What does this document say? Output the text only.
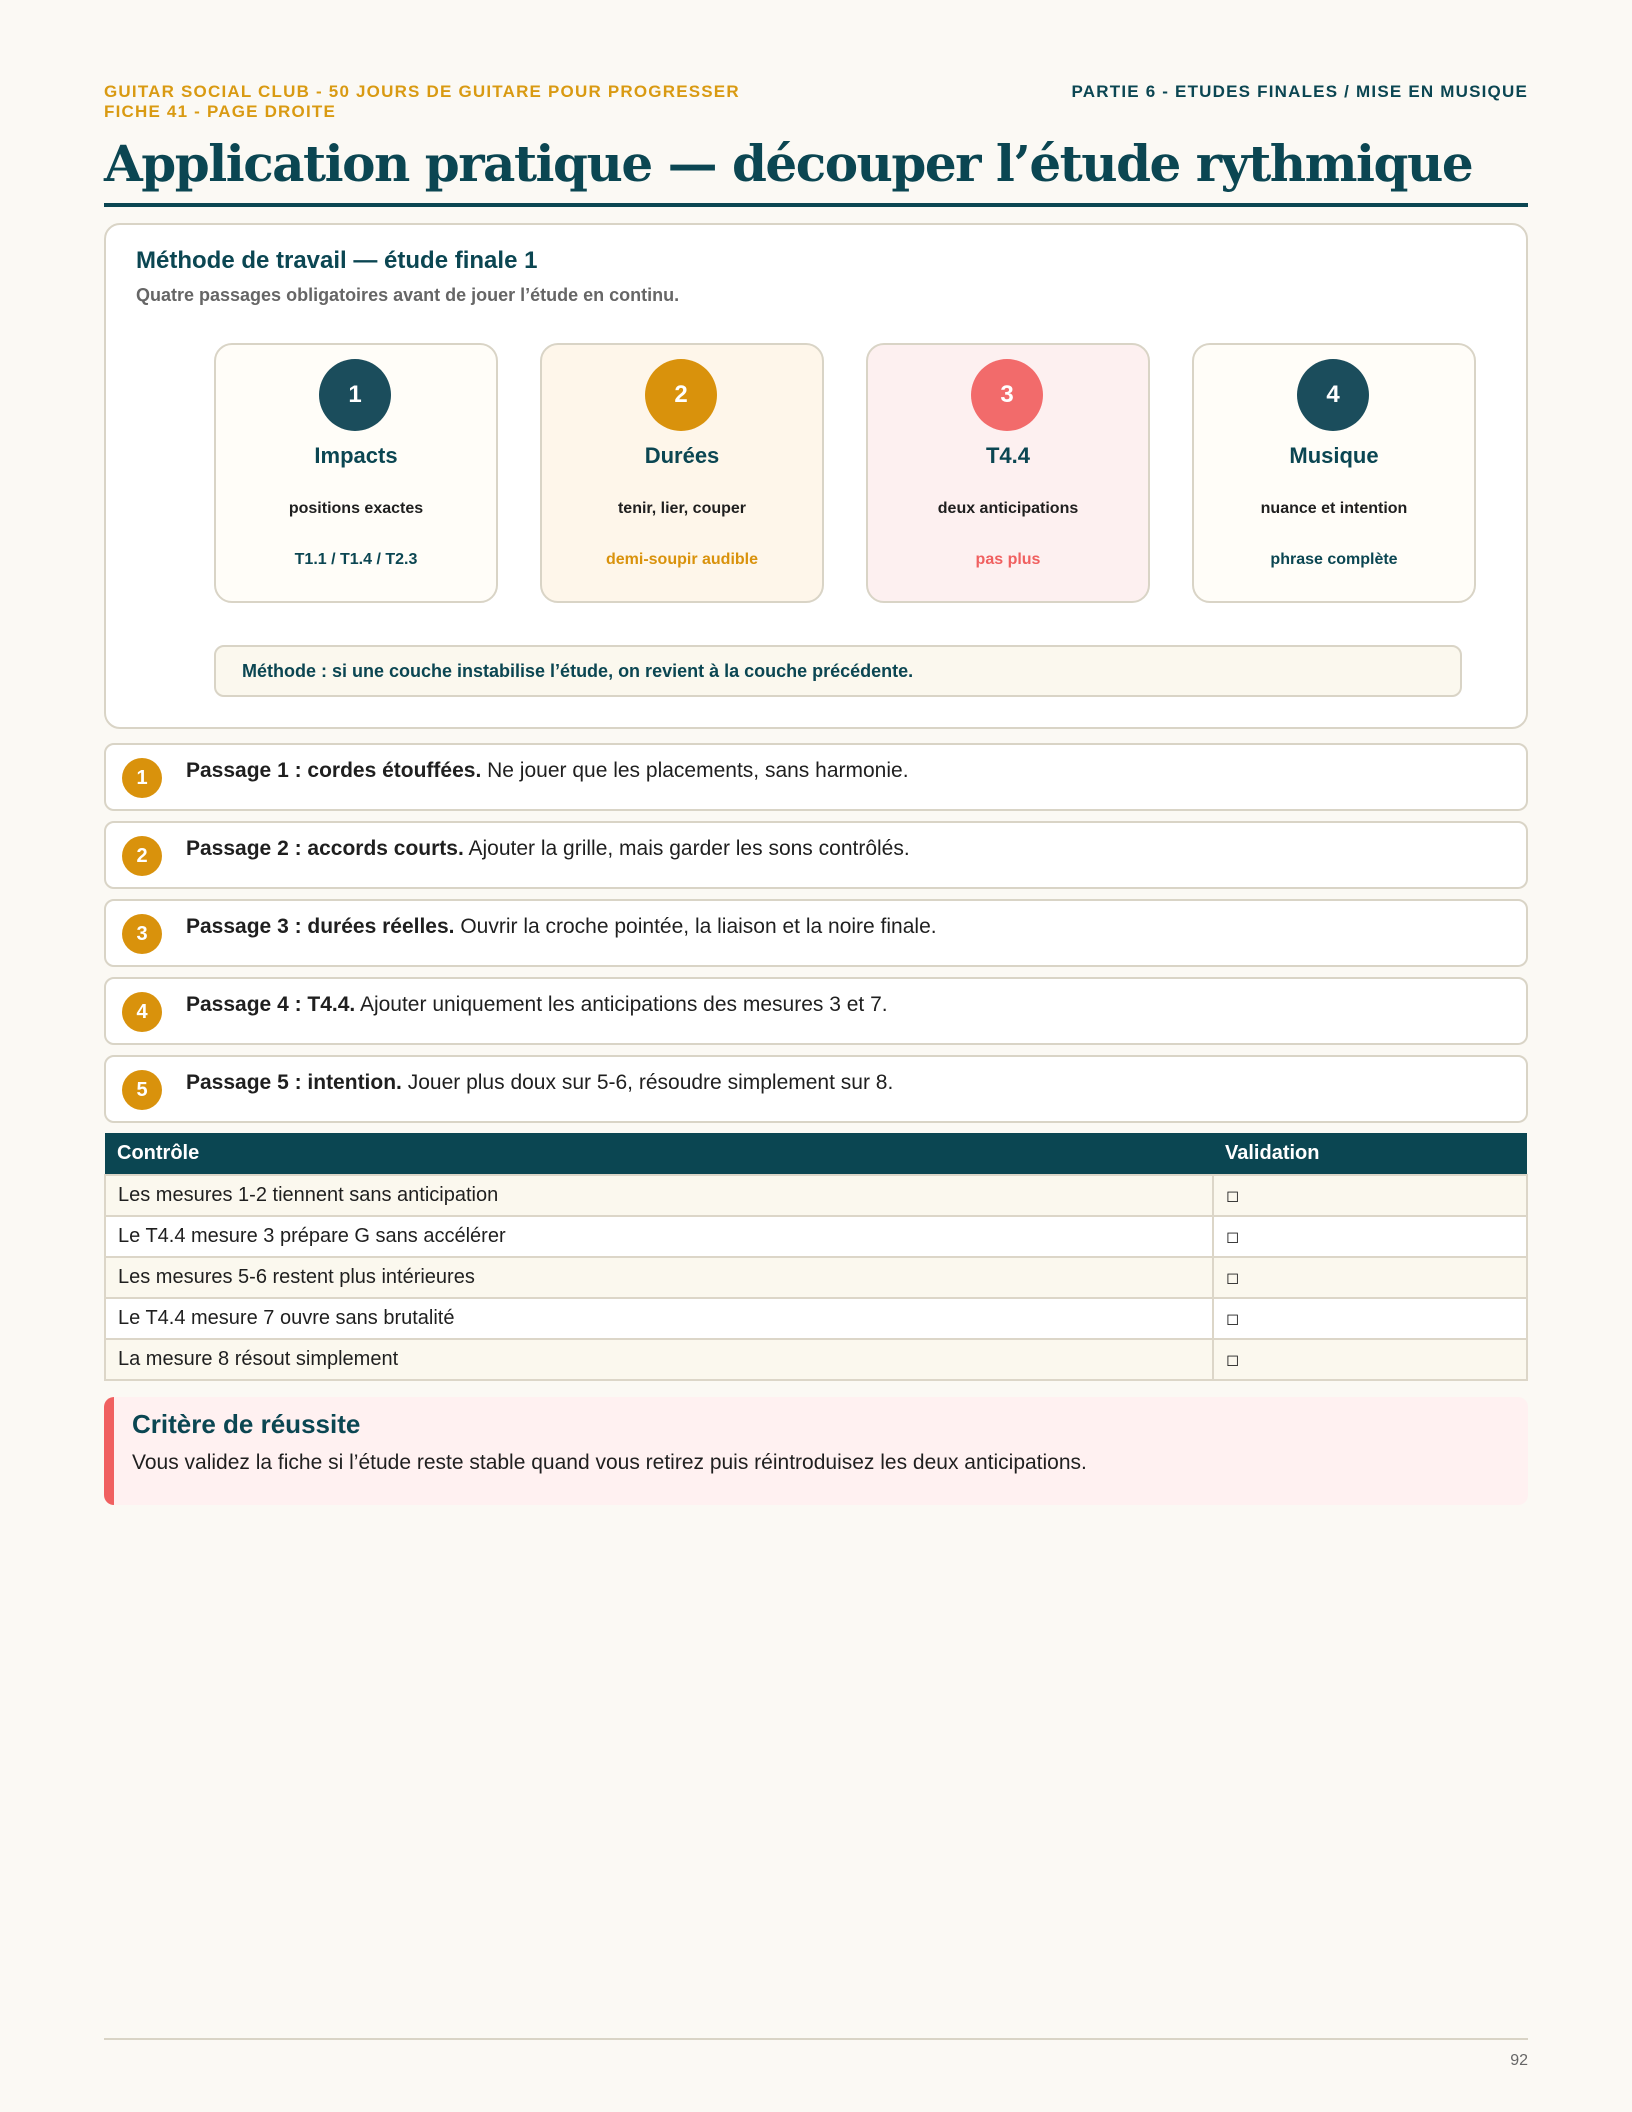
GUITAR SOCIAL CLUB - 50 JOURS DE GUITARE POUR PROGRESSER
FICHE 41 - PAGE DROITE
PARTIE 6 - ETUDES FINALES / MISE EN MUSIQUE
Application pratique — découper l’étude rythmique
Méthode de travail — étude finale 1
Quatre passages obligatoires avant de jouer l’étude en continu.
1
Impacts
positions exactes
T1.1 / T1.4 / T2.3
2
Durées
tenir, lier, couper
demi-soupir audible
3
T4.4
deux anticipations
pas plus
4
Musique
nuance et intention
phrase complète
Méthode : si une couche instabilise l’étude, on revient à la couche précédente.
1	Passage 1 : cordes étouffées. Ne jouer que les placements, sans harmonie.
2	Passage 2 : accords courts. Ajouter la grille, mais garder les sons contrôlés.
3	Passage 3 : durées réelles. Ouvrir la croche pointée, la liaison et la noire finale.
4	Passage 4 : T4.4. Ajouter uniquement les anticipations des mesures 3 et 7.
5	Passage 5 : intention. Jouer plus doux sur 5-6, résoudre simplement sur 8.
Contrôle	Validation
Les mesures 1-2 tiennent sans anticipation	◻
Le T4.4 mesure 3 prépare G sans accélérer	◻
Les mesures 5-6 restent plus intérieures	◻
Le T4.4 mesure 7 ouvre sans brutalité	◻
La mesure 8 résout simplement	◻
Critère de réussite
Vous validez la fiche si l’étude reste stable quand vous retirez puis réintroduisez les deux anticipations.
92
